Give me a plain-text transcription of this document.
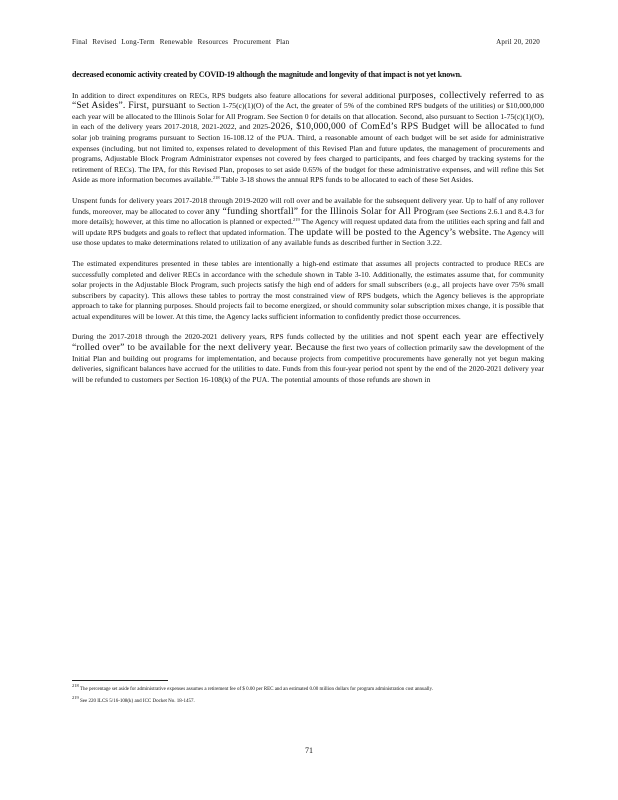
Final Revised Long-Term Renewable Resources Procurement Plan	April 20, 2020

decreased economic activity created by COVID-19 although the magnitude and longevity of that impact is not yet known.

In addition to direct expenditures on RECs, RPS budgets also feature allocations for several additional purposes, collectively referred to as “Set Asides”. First, pursuant to Section 1-75(c)(1)(O) of the Act, the greater of 5% of the combined RPS budgets of the utilities) or $10,000,000 each year will be allocated to the Illinois Solar for All Program. See Section 0 for details on that allocation. Second, also pursuant to Section 1-75(c)(1)(O), in each of the delivery years 2017-2018, 2021-2022, and 2025-2026, $10,000,000 of ComEd’s RPS Budget will be allocated to fund solar job training programs pursuant to Section 16-108.12 of the PUA. Third, a reasonable amount of each budget will be set aside for administrative expenses (including, but not limited to, expenses related to development of this Revised Plan and future updates, the management of procurements and programs, Adjustable Block Program Administrator expenses not covered by fees charged to participants, and fees charged by tracking systems for the retirement of RECs). The IPA, for this Revised Plan, proposes to set aside 0.65% of the budget for these administrative expenses, and will refine this Set Aside as more information becomes available.$^{218}$ Table 3-18 shows the annual RPS funds to be allocated to each of these Set Asides.

Unspent funds for delivery years 2017-2018 through 2019-2020 will roll over and be available for the subsequent delivery year. Up to half of any rollover funds, moreover, may be allocated to cover any “funding shortfall” for the Illinois Solar for All Program (see Sections 2.6.1 and 8.4.3 for more details); however, at this time no allocation is planned or expected.$^{219}$ The Agency will request updated data from the utilities each spring and fall and will update RPS budgets and goals to reflect that updated information. The update will be posted to the Agency’s website. The Agency will use those updates to make determinations related to utilization of any available funds as described further in Section 3.22.

The estimated expenditures presented in these tables are intentionally a high-end estimate that assumes all projects contracted to produce RECs are successfully completed and deliver RECs in accordance with the schedule shown in Table 3-10. Additionally, the estimates assume that, for community solar projects in the Adjustable Block Program, such projects satisfy the high end of adders for small subscribers (e.g., all projects have over 75% small subscribers by capacity). This allows these tables to portray the most constrained view of RPS budgets, which the Agency believes is the appropriate approach to take for planning purposes. Should projects fail to become energized, or should community solar subscription mixes change, it is possible that actual expenditures will be lower. At this time, the Agency lacks sufficient information to confidently predict those occurrences.

During the 2017-2018 through the 2020-2021 delivery years, RPS funds collected by the utilities and not spent each year are effectively “rolled over” to be available for the next delivery year. Because the first two years of collection primarily saw the development of the Initial Plan and building out programs for implementation, and because projects from competitive procurements have generally not yet begun making deliveries, significant balances have accrued for the utilities to date. Funds from this four-year period not spent by the end of the 2020-2021 delivery year will be refunded to customers per Section 16-108(k) of the PUA. The potential amounts of those refunds are shown in

$^{218}$ The percentage set aside for administrative expenses assumes a retirement fee of $ 0.00 per REC and an estimated 0.00 million dollars for program administration cost annually.

$^{219}$ See 220 ILCS 5/16-108(k) and ICC Docket No. 18-1457.

71
